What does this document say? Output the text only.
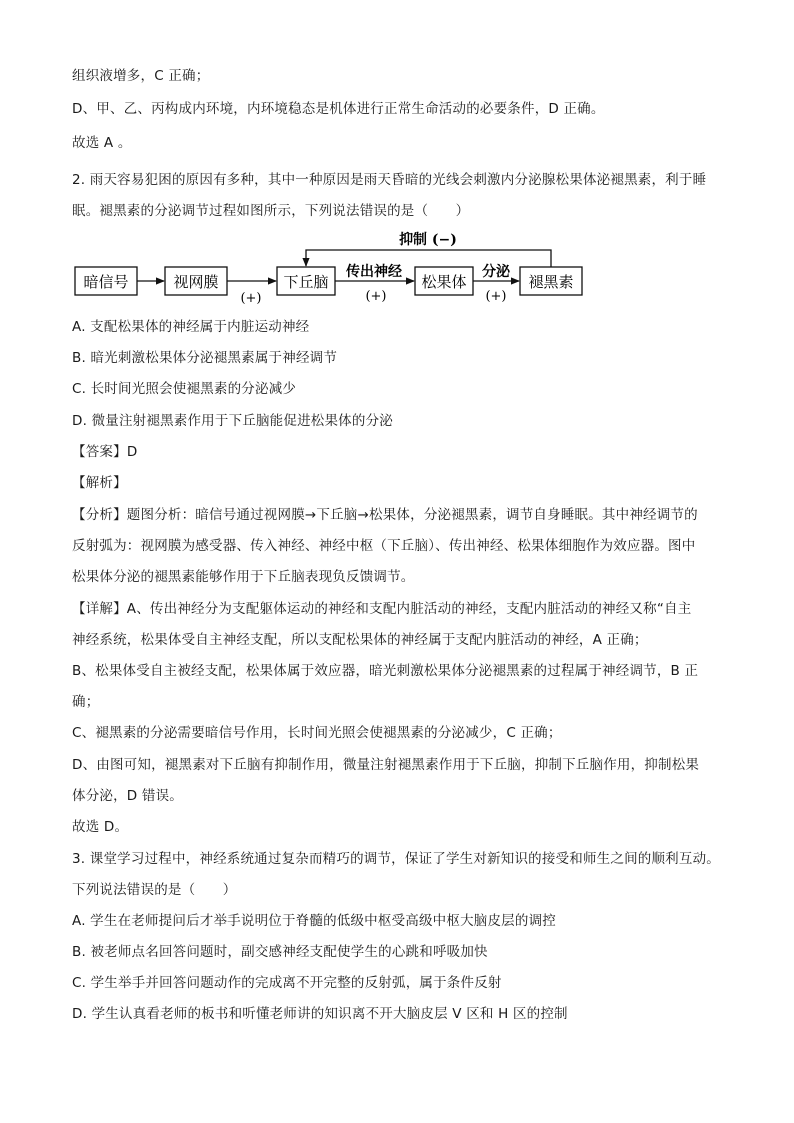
组织液增多，C 正确；
D、甲、乙、丙构成内环境，内环境稳态是机体进行正常生命活动的必要条件，D 正确。
故选 A 。
2. 雨天容易犯困的原因有多种，其中一种原因是雨天昏暗的光线会刺激内分泌腺松果体泌褪黑素，利于睡
眠。褪黑素的分泌调节过程如图所示，下列说法错误的是（　　）
暗信号	视网膜	下丘脑	松果体	褪黑素
抑制 (−)
传出神经	分泌
(+)	(+)	(+)
A. 支配松果体的神经属于内脏运动神经
B. 暗光刺激松果体分泌褪黑素属于神经调节
C. 长时间光照会使褪黑素的分泌减少
D. 微量注射褪黑素作用于下丘脑能促进松果体的分泌
【答案】D
【解析】
【分析】题图分析：暗信号通过视网膜→下丘脑→松果体，分泌褪黑素，调节自身睡眠。其中神经调节的
反射弧为：视网膜为感受器、传入神经、神经中枢（下丘脑）、传出神经、松果体细胞作为效应器。图中
松果体分泌的褪黑素能够作用于下丘脑表现负反馈调节。
【详解】A、传出神经分为支配躯体运动的神经和支配内脏活动的神经，支配内脏活动的神经又称“自主
神经系统，松果体受自主神经支配，所以支配松果体的神经属于支配内脏活动的神经，A 正确；
B、松果体受自主被经支配，松果体属于效应器，暗光刺激松果体分泌褪黑素的过程属于神经调节，B 正
确；
C、褪黑素的分泌需要暗信号作用，长时间光照会使褪黑素的分泌减少，C 正确；
D、由图可知，褪黑素对下丘脑有抑制作用，微量注射褪黑素作用于下丘脑，抑制下丘脑作用，抑制松果
体分泌，D 错误。
故选 D。
3. 课堂学习过程中，神经系统通过复杂而精巧的调节，保证了学生对新知识的接受和师生之间的顺利互动。
下列说法错误的是（　　）
A. 学生在老师提问后才举手说明位于脊髓的低级中枢受高级中枢大脑皮层的调控
B. 被老师点名回答问题时，副交感神经支配使学生的心跳和呼吸加快
C. 学生举手并回答问题动作的完成离不开完整的反射弧，属于条件反射
D. 学生认真看老师的板书和听懂老师讲的知识离不开大脑皮层 V 区和 H 区的控制
